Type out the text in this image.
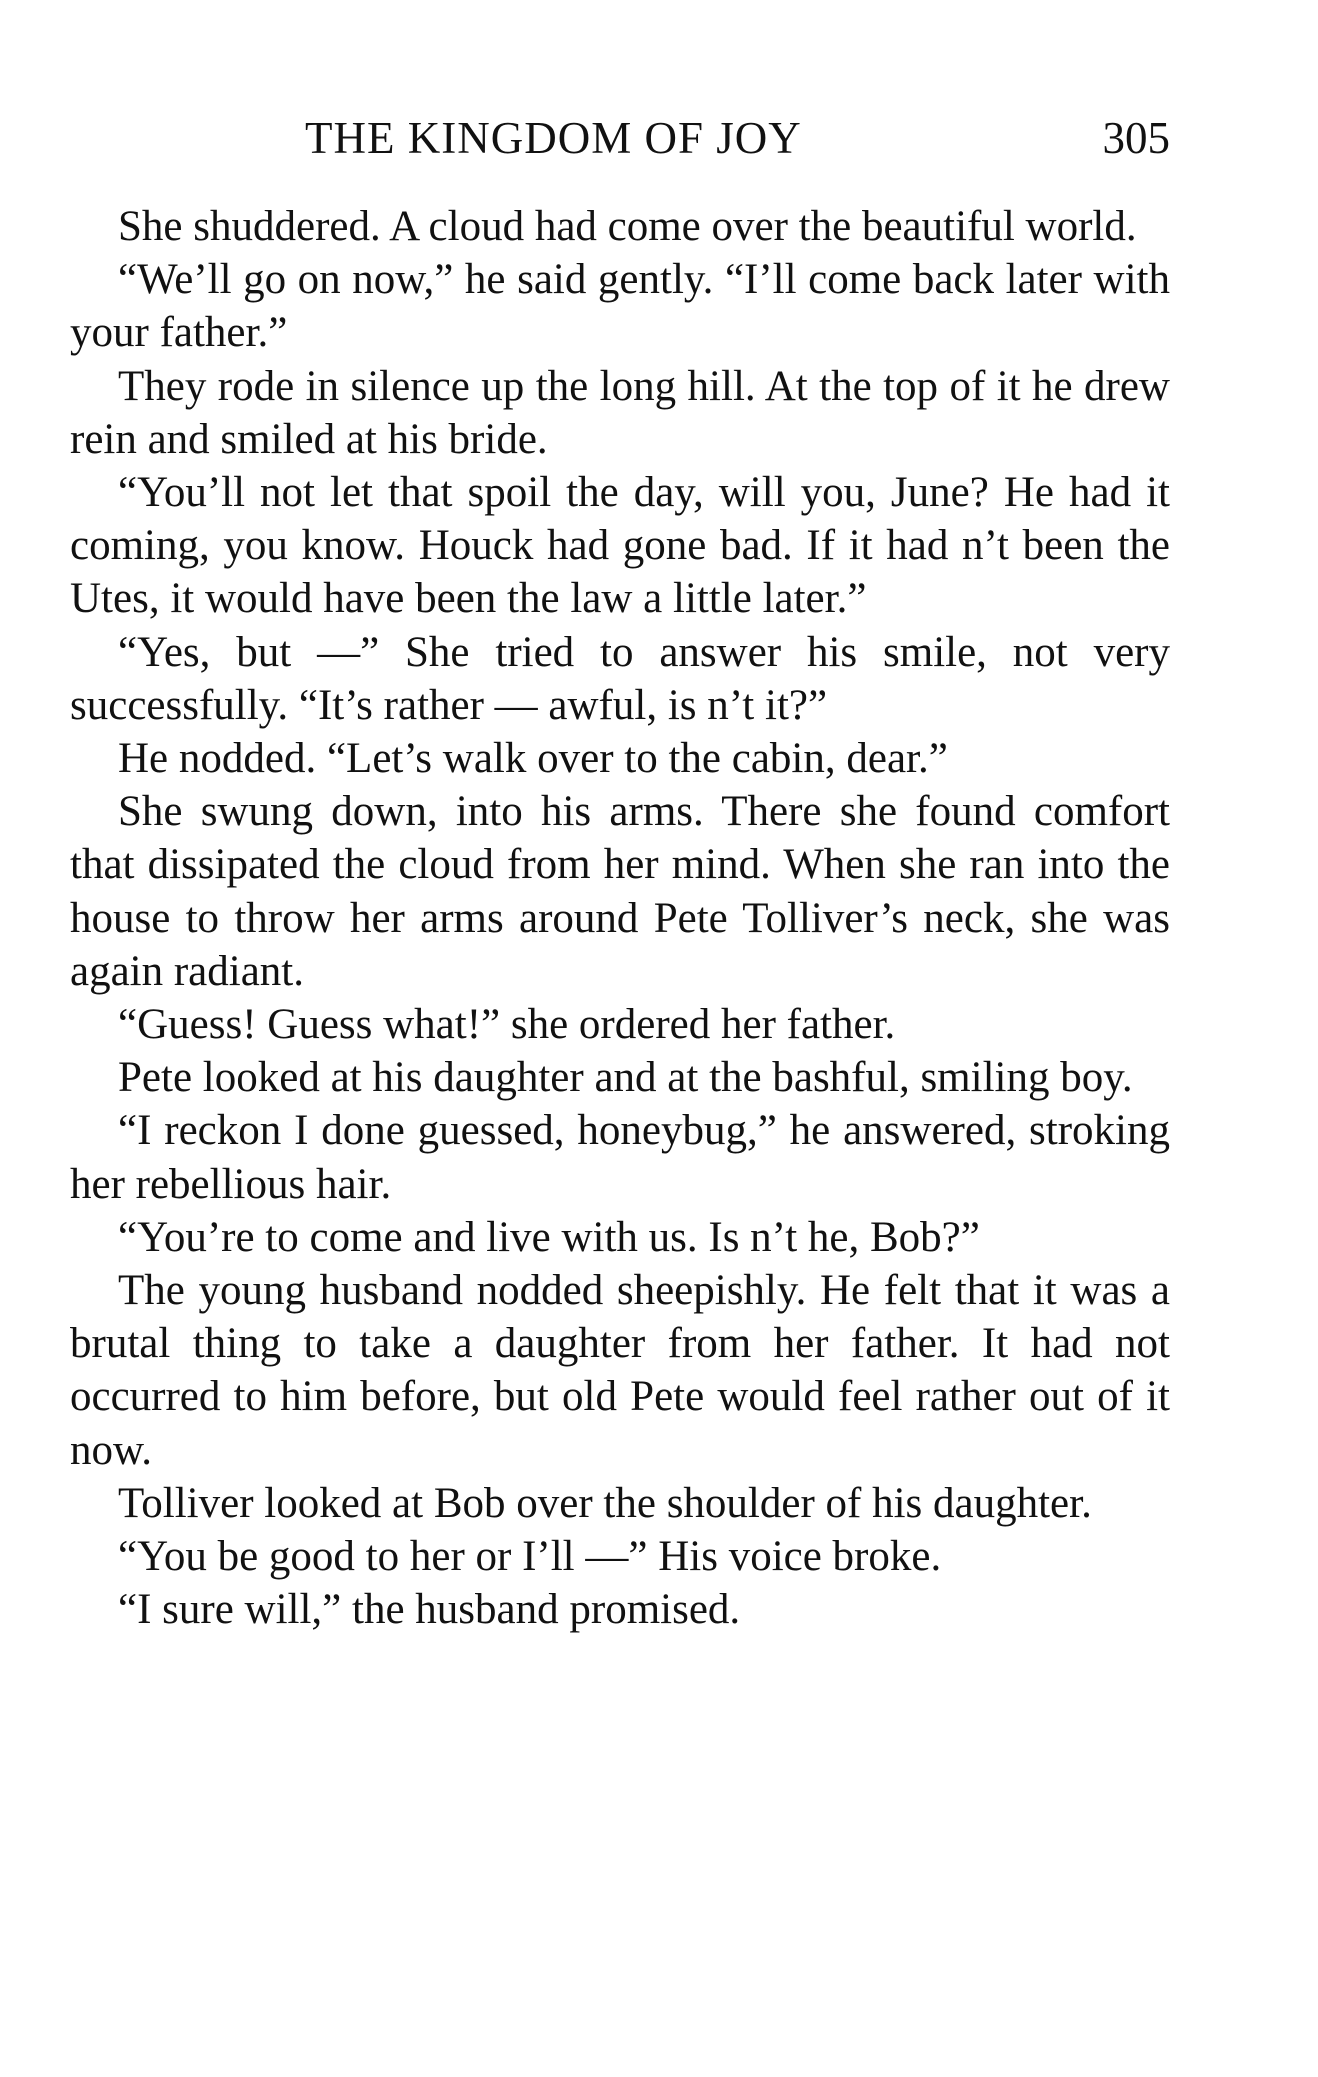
THE KINGDOM OF JOY	305

She shuddered. A cloud had come over the beautiful world.

“We’ll go on now,” he said gently. “I’ll come back later with your father.”

They rode in silence up the long hill. At the top of it he drew rein and smiled at his bride.

“You’ll not let that spoil the day, will you, June? He had it coming, you know. Houck had gone bad. If it had n’t been the Utes, it would have been the law a little later.”

“Yes, but —” She tried to answer his smile, not very successfully. “It’s rather — awful, is n’t it?”

He nodded. “Let’s walk over to the cabin, dear.”

She swung down, into his arms. There she found comfort that dissipated the cloud from her mind. When she ran into the house to throw her arms around Pete Tolliver’s neck, she was again radiant.

“Guess! Guess what!” she ordered her father.

Pete looked at his daughter and at the bashful, smiling boy.

“I reckon I done guessed, honeybug,” he answered, stroking her rebellious hair.

“You’re to come and live with us. Is n’t he, Bob?”

The young husband nodded sheepishly. He felt that it was a brutal thing to take a daughter from her father. It had not occurred to him before, but old Pete would feel rather out of it now.

Tolliver looked at Bob over the shoulder of his daughter.

“You be good to her or I’ll —” His voice broke.

“I sure will,” the husband promised.
